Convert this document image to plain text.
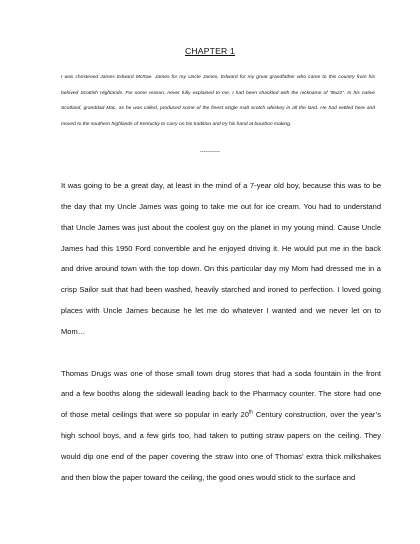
CHAPTER 1
I was christened James Edward McRae. James for my Uncle James, Edward for my great grandfather who came to this country from his beloved Scottish Highlands. For some reason, never fully explained to me, I had been shackled with the nickname of “Buzz”. In his native Scotland, granddad Mac, as he was called, produced some of the finest single malt scotch whiskey in all the land. He had settled here and moved to the southern highlands of Kentucky to carry on his tradition and try his hand at bourbon making.
-----------

It was going to be a great day, at least in the mind of a 7-year old boy, because this was to be the day that my Uncle James was going to take me out for ice cream. You had to understand that Uncle James was just about the coolest guy on the planet in my young mind. Cause Uncle James had this 1950 Ford convertible and he enjoyed driving it. He would put me in the back and drive around town with the top down. On this particular day my Mom had dressed me in a crisp Sailor suit that had been washed, heavily starched and ironed to perfection. I loved going places with Uncle James because he let me do whatever I wanted and we never let on to Mom…

Thomas Drugs was one of those small town drug stores that had a soda fountain in the front and a few booths along the sidewall leading back to the Pharmacy counter. The store had one of those metal ceilings that were so popular in early 20th Century construction, over the year’s high school boys, and a few girls too, had taken to putting straw papers on the ceiling. They would dip one end of the paper covering the straw into one of Thomas’ extra thick milkshakes and then blow the paper toward the ceiling, the good ones would stick to the surface and
